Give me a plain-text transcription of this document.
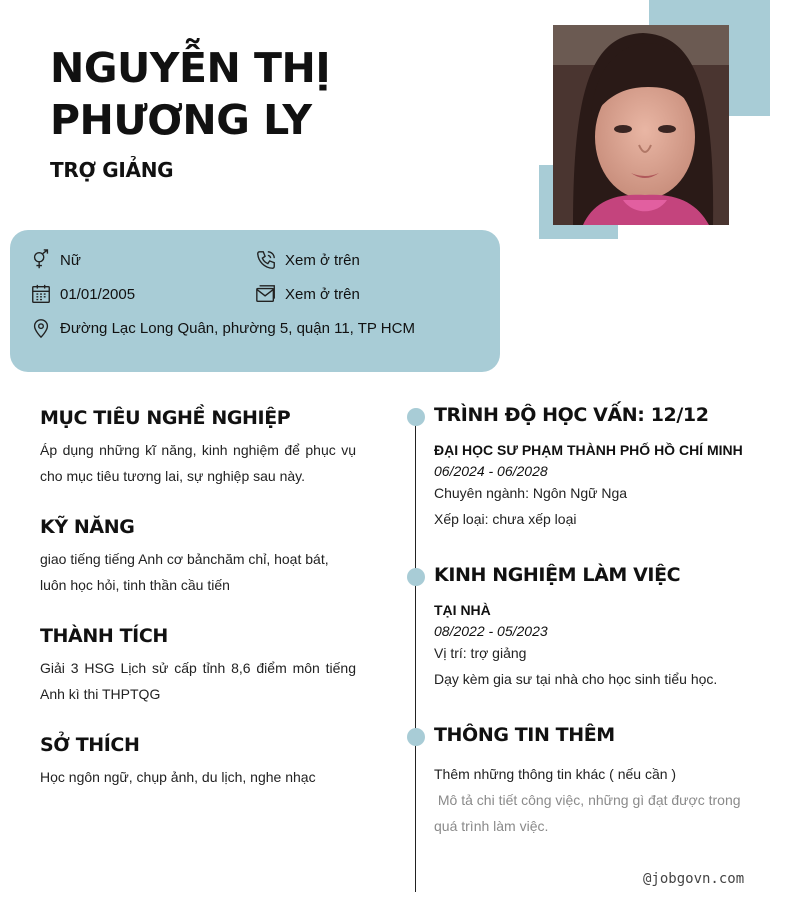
NGUYỄN THỊ
PHƯƠNG LY
TRỢ GIẢNG
Nữ
01/01/2005
Đường Lạc Long Quân, phường 5, quận 11, TP HCM
Xem ở trên
Xem ở trên
MỤC TIÊU NGHỀ NGHIỆP
Áp dụng những kĩ năng, kinh nghiệm để phục vụ cho mục tiêu tương lai, sự nghiệp sau này.
KỸ NĂNG
giao tiếng tiếng Anh cơ bảnchăm chỉ, hoạt bát,
luôn học hỏi, tinh thần cầu tiến
THÀNH TÍCH
Giải 3 HSG Lịch sử cấp tỉnh 8,6 điểm môn tiếng Anh kì thi THPTQG
SỞ THÍCH
Học ngôn ngữ, chụp ảnh, du lịch, nghe nhạc
TRÌNH ĐỘ HỌC VẤN: 12/12
ĐẠI HỌC SƯ PHẠM THÀNH PHỐ HỒ CHÍ MINH
06/2024 - 06/2028
Chuyên ngành: Ngôn Ngữ Nga
Xếp loại: chưa xếp loại
KINH NGHIỆM LÀM VIỆC
TẠI NHÀ
08/2022 - 05/2023
Vị trí: trợ giảng
Dạy kèm gia sư tại nhà cho học sinh tiểu học.
THÔNG TIN THÊM
Thêm những thông tin khác ( nếu cần )
Mô tả chi tiết công việc, những gì đạt được trong
quá trình làm việc.
@jobgovn.com
